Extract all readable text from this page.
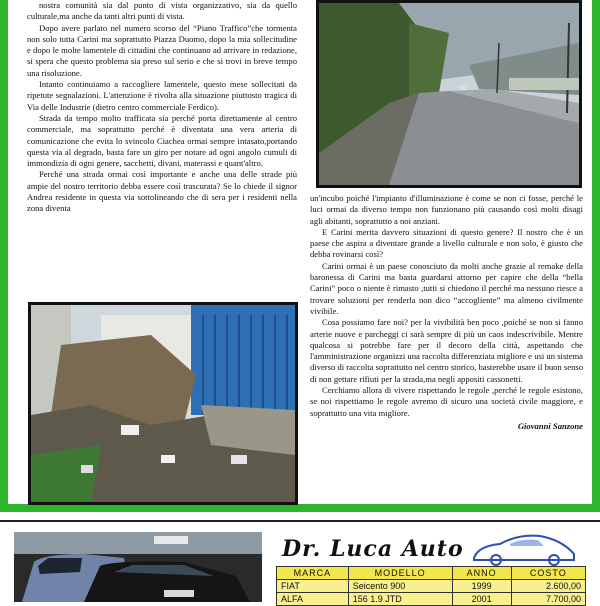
nostra comunità sia dal punto di vista organizzativo, sia da quello culturale,ma anche da tanti altri punti di vista.

Dopo avere parlato nel numero scorso del “Piano Traffico”che tormenta non solo tutta Carini ma soprattutto Piazza Duomo, dopo la mia sollecitudine e dopo le molte lamentele di cittadini che continuano ad arrivare in redazione, si spera che questo problema sia preso sul serio e che si trovi in breve tempo una risoluzione.

Intanto continuiamo a raccogliere lamentele, questo mese sollecitati da ripetute segnalazioni. L'attenzione è rivolta alla situazione piuttosto tragica di Via delle Industrie (dietro centro commerciale Ferdico).

Strada da tempo molto trafficata sia perché porta direttamente al centro commerciale, ma soprattutto perché è diventata una vera arteria di comunicazione che evita lo svincolo Ciachea ormai sempre intasato,portando questa via al degrado, basta fare un giro per notare ad ogni angolo cumuli di immondizia di ogni genere, sacchetti, divani, materassi e quant'altro.

Perché una strada ormai così importante e anche una delle strade più ampie del nostro territorio debba essere così trascurata? Se lo chiede il signor Andrea residente in questa via sottolineando che di sera per i residenti nella zona diventa

un'incubo poiché l'impianto d'illuminazione è come se non ci fosse, perché le luci ormai da diverso tempo non funzionano più causando così molti disagi agli abitanti, soprattutto a noi anziani.

E Carini merita davvero situazioni di questo genere? Il nostro che è un paese che aspira a diventare grande a livello culturale e non solo, è giusto che debba rovinarsi così?

Carini ormai è un paese conosciuto da molti anche grazie al remake della baronessa di Carini ma basta guardarsi attorno per capire che della “bella Carini” poco o niente è rimasto ,tutti si chiedono il perché ma nessuno riesce a trovare soluzioni per renderla non dico “accogliente” ma almeno civilmente vivibile.

Cosa possiamo fare noi? per la vivibilità ben poco ,poiché se non si fanno arterie nuove e parcheggi ci sarà sempre di più un caos indescrivibile. Mentre qualcosa si potrebbe fare per il decoro della città, aspettando che l'amministrazione organizzi una raccolta differenziata migliore e usi un sistema diverso di raccolta soprattutto nel centro storico, basterebbe usare il buon senso di non gettare rifiuti per la strada,ma negli appositi cassonetti.

Cerchiamo allora di vivere rispettando le regole ,perché le regole esistono, se noi rispettiamo le regole avremo di sicuro una società civile maggiore, e soprattutto una vita migliore.

Giovanni Sanzone

Dr. Luca Auto
MARCA	MODELLO	ANNO	COSTO
FIAT	Seicento 900	1999	2.600,00
ALFA	156 1.9 JTD	2001	7.700,00
